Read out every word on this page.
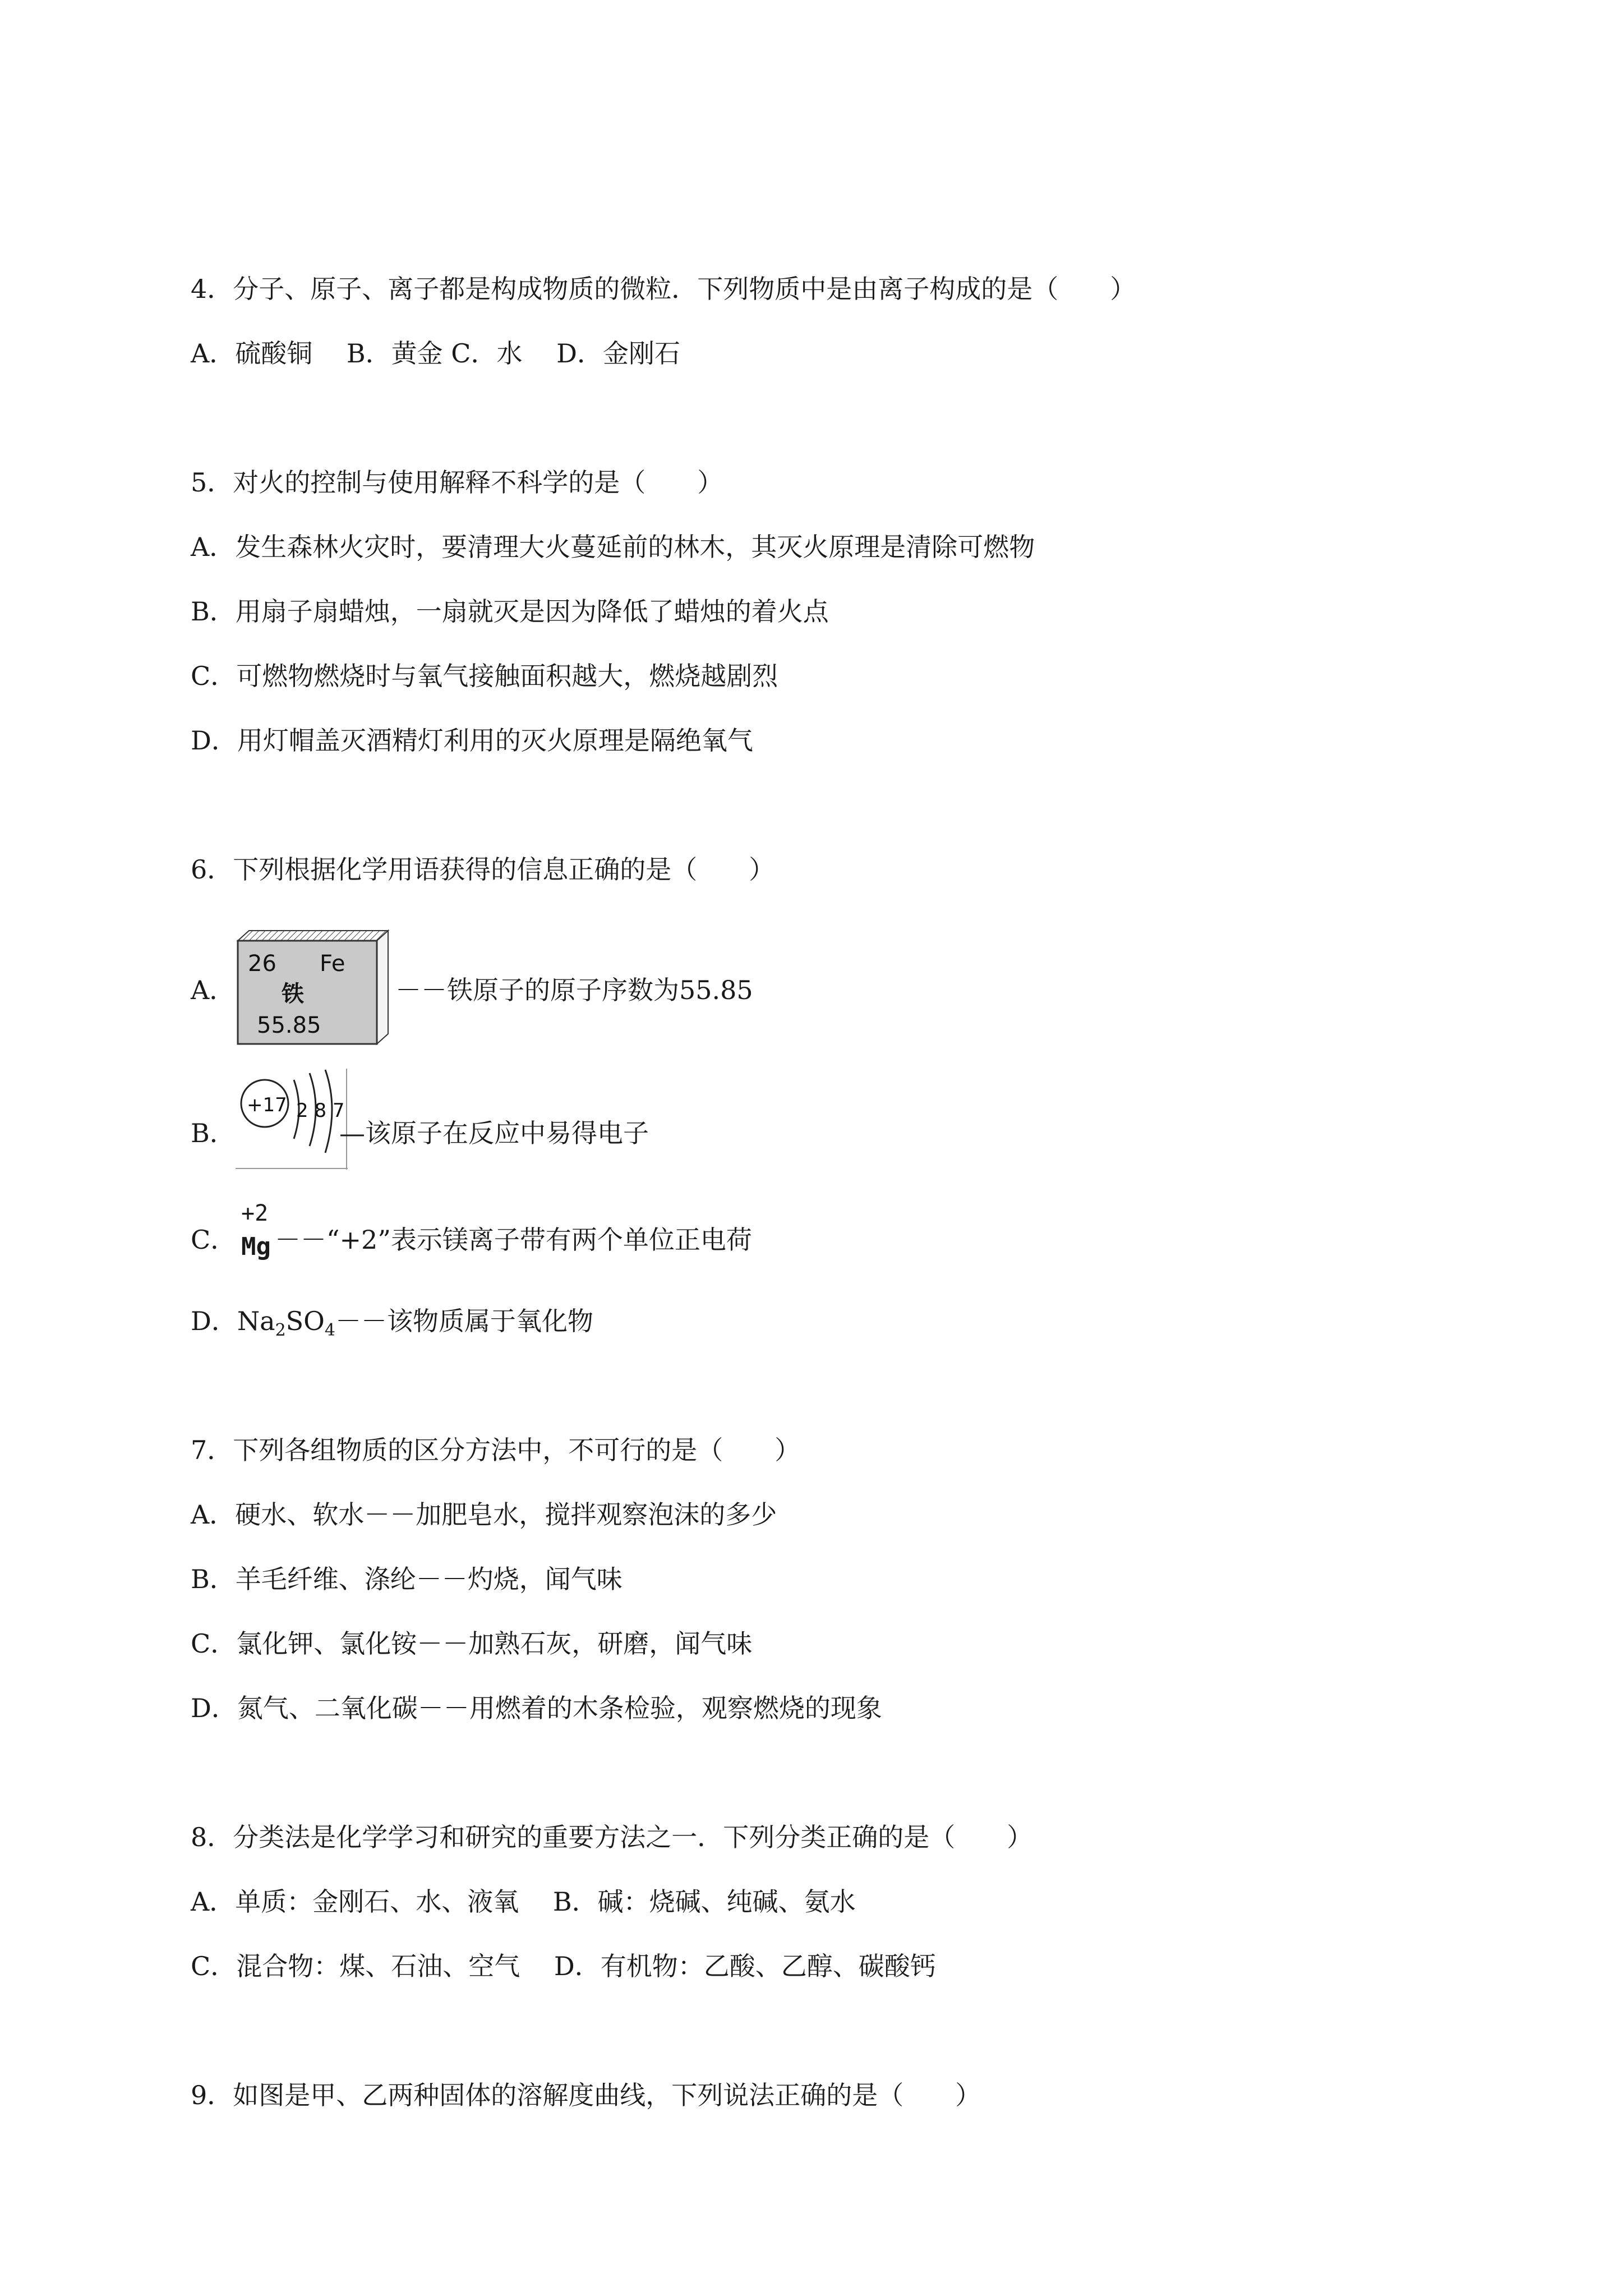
4．分子、原子、离子都是构成物质的微粒．下列物质中是由离子构成的是（　　）
A．硫酸铜　 B．黄金 C．水　 D．金刚石
5．对火的控制与使用解释不科学的是（　　）
A．发生森林火灾时，要清理大火蔓延前的林木，其灭火原理是清除可燃物
B．用扇子扇蜡烛，一扇就灭是因为降低了蜡烛的着火点
C．可燃物燃烧时与氧气接触面积越大，燃烧越剧烈
D．用灯帽盖灭酒精灯利用的灭火原理是隔绝氧气
6．下列根据化学用语获得的信息正确的是（　　）
A．
26 Fe
铁
55.85
－－铁原子的原子序数为55.85
B．
+17 2 8 7
—该原子在反应中易得电子
C．
+2
Mg －－“+2”表示镁离子带有两个单位正电荷
D．$Na_2SO_4--$该物质属于氧化物
7．下列各组物质的区分方法中，不可行的是（　　）
A．硬水、软水－－加肥皂水，搅拌观察泡沫的多少
B．羊毛纤维、涤纶－－灼烧，闻气味
C．氯化钾、氯化铵－－加熟石灰，研磨，闻气味
D．氮气、二氧化碳－－用燃着的木条检验，观察燃烧的现象
8．分类法是化学学习和研究的重要方法之一．下列分类正确的是（　　）
A．单质：金刚石、水、液氧　 B．碱：烧碱、纯碱、氨水
C．混合物：煤、石油、空气　 D．有机物：乙酸、乙醇、碳酸钙
9．如图是甲、乙两种固体的溶解度曲线，下列说法正确的是（　　）
